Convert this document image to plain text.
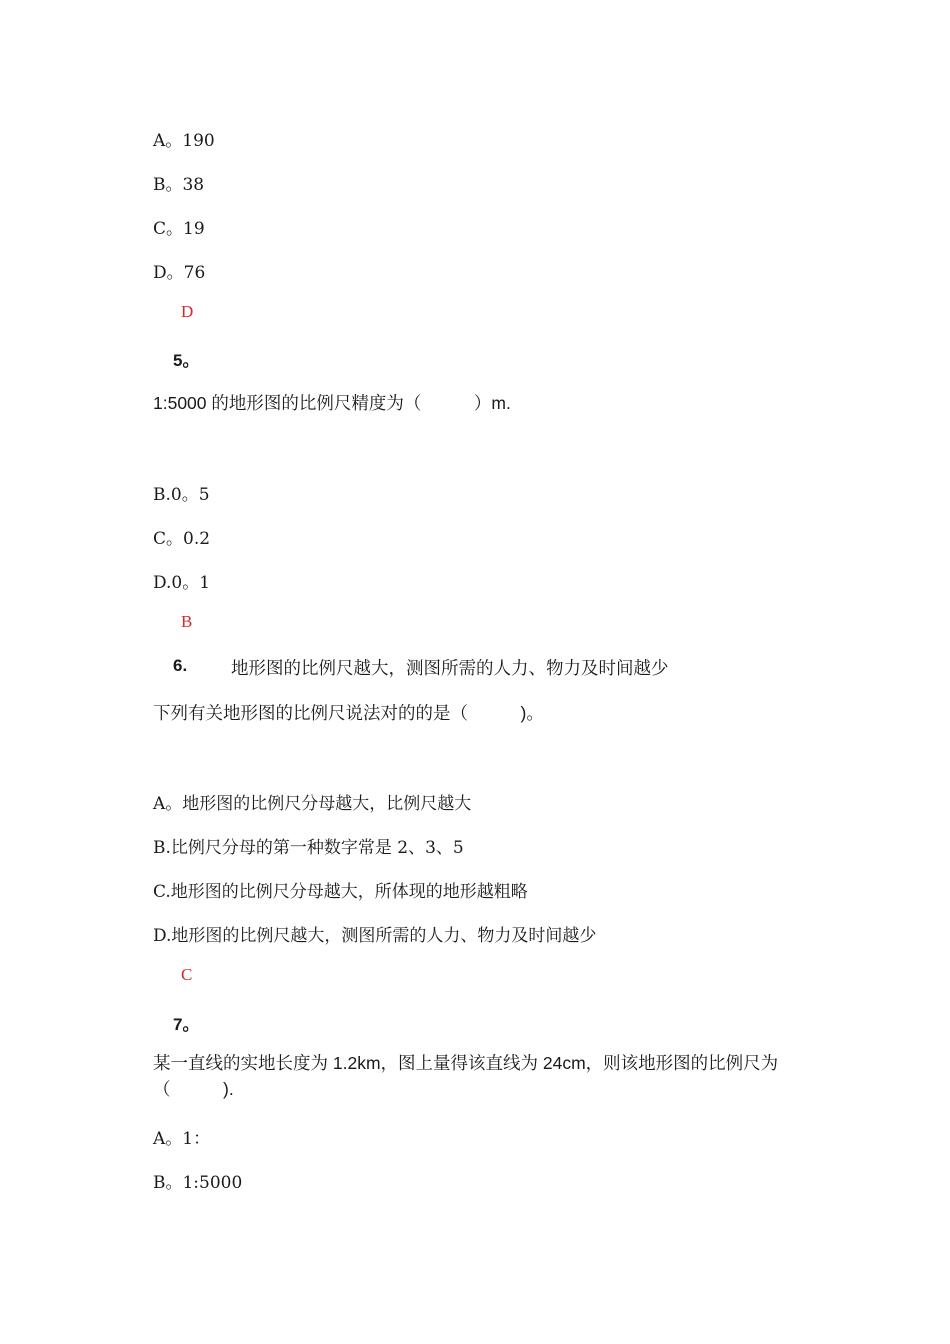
A。190
B。38
C。19
D。76
D
5。
1:5000 的地形图的比例尺精度为（　　　）m.
B.0。5
C。0.2
D.0。1
B
6.	地形图的比例尺越大，测图所需的人力、物力及时间越少
下列有关地形图的比例尺说法对的的是（　　　)。
A。地形图的比例尺分母越大，比例尺越大
B.比例尺分母的第一种数字常是 2、3、5
C.地形图的比例尺分母越大，所体现的地形越粗略
D.地形图的比例尺越大，测图所需的人力、物力及时间越少
C
7。
某一直线的实地长度为 1.2km，图上量得该直线为 24cm，则该地形图的比例尺为（　　　).
A。1：
B。1:5000
